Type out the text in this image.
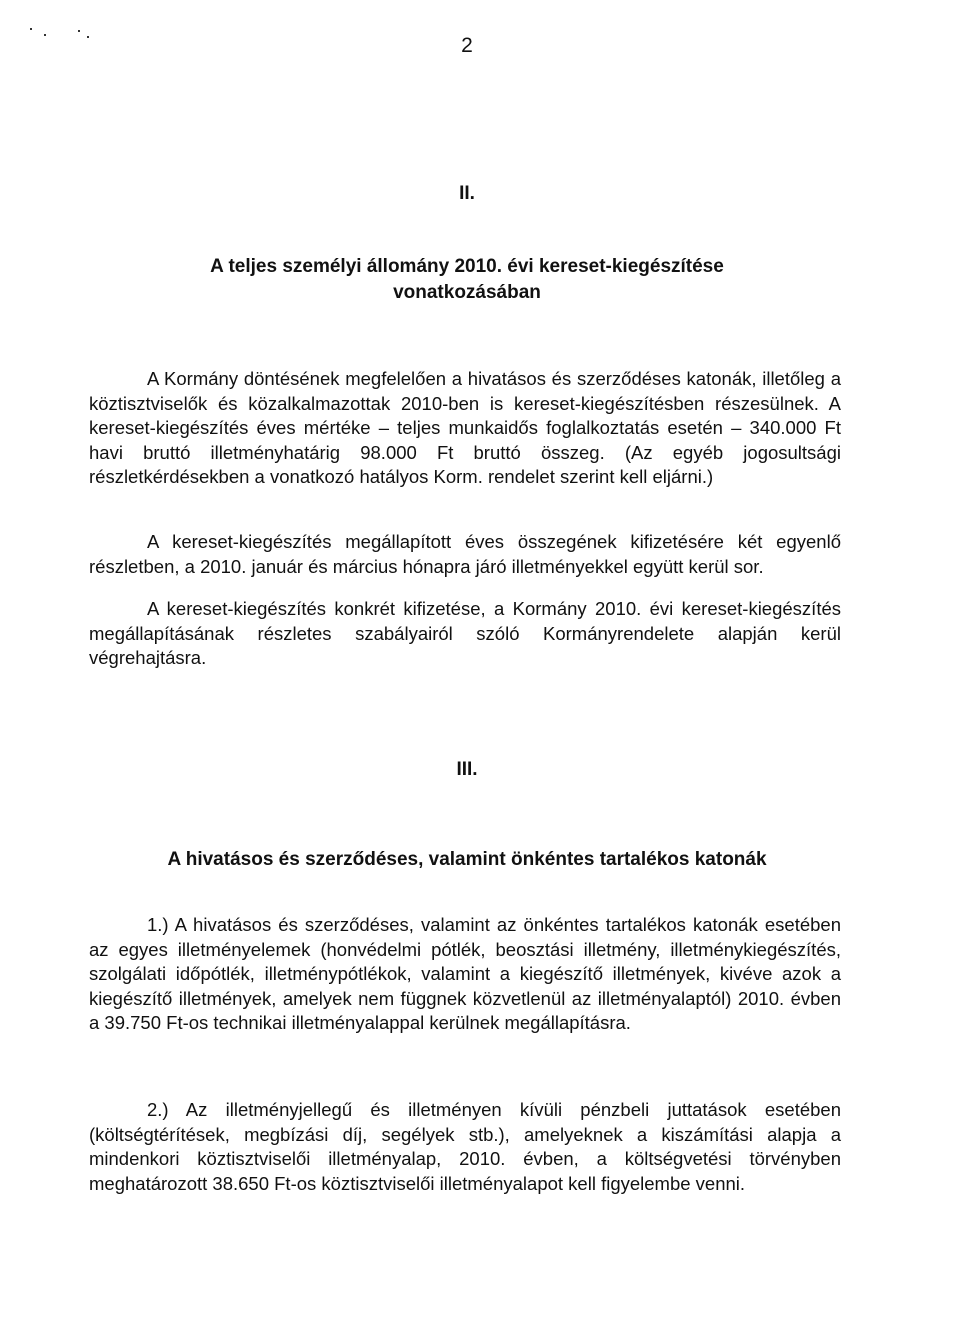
2
II.
A teljes személyi állomány 2010. évi kereset-kiegészítése vonatkozásában

A Kormány döntésének megfelelően a hivatásos és szerződéses katonák, illetőleg a köztisztviselők és közalkalmazottak 2010-ben is kereset-kiegészítésben részesülnek. A kereset-kiegészítés éves mértéke – teljes munkaidős foglalkoztatás esetén – 340.000 Ft havi bruttó illetményhatárig 98.000 Ft bruttó összeg. (Az egyéb jogosultsági részletkérdésekben a vonatkozó hatályos Korm. rendelet szerint kell eljárni.)

A kereset-kiegészítés megállapított éves összegének kifizetésére két egyenlő részletben, a 2010. január és március hónapra járó illetményekkel együtt kerül sor.

A kereset-kiegészítés konkrét kifizetése, a Kormány 2010. évi kereset-kiegészítés megállapításának részletes szabályairól szóló Kormányrendelete alapján kerül végrehajtásra.

III.
A hivatásos és szerződéses, valamint önkéntes tartalékos katonák

1.) A hivatásos és szerződéses, valamint az önkéntes tartalékos katonák esetében az egyes illetményelemek (honvédelmi pótlék, beosztási illetmény, illetménykiegészítés, szolgálati időpótlék, illetménypótlékok, valamint a kiegészítő illetmények, kivéve azok a kiegészítő illetmények, amelyek nem függnek közvetlenül az illetményalaptól) 2010. évben a 39.750 Ft-os technikai illetményalappal kerülnek megállapításra.

2.) Az illetményjellegű és illetményen kívüli pénzbeli juttatások esetében (költségtérítések, megbízási díj, segélyek stb.), amelyeknek a kiszámítási alapja a mindenkori köztisztviselői illetményalap, 2010. évben, a költségvetési törvényben meghatározott 38.650 Ft-os köztisztviselői illetményalapot kell figyelembe venni.
